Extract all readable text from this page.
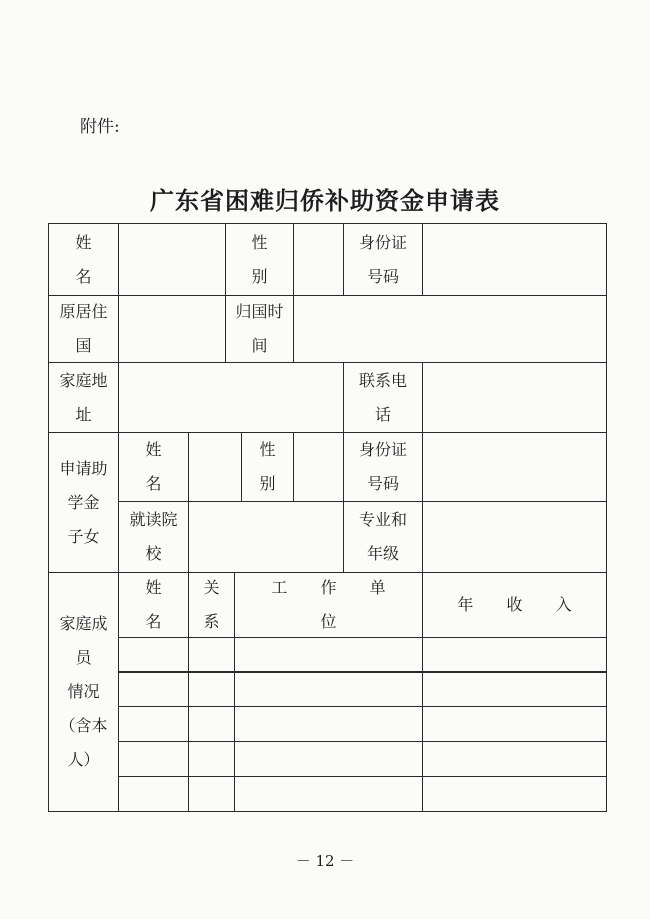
附件:
广东省困难归侨补助资金申请表
姓 名
性 别
身份证
号码
原居住
国
归国时
间
家庭地
址
联系电
话
申请助
学金
子女
姓 名
性
别
身份证
号码
就读院
校
专业和
年级
家庭成
员
情况
（含本
人）
姓 名
关
系
工 作 单 位
年 收 入
－ 12 －
